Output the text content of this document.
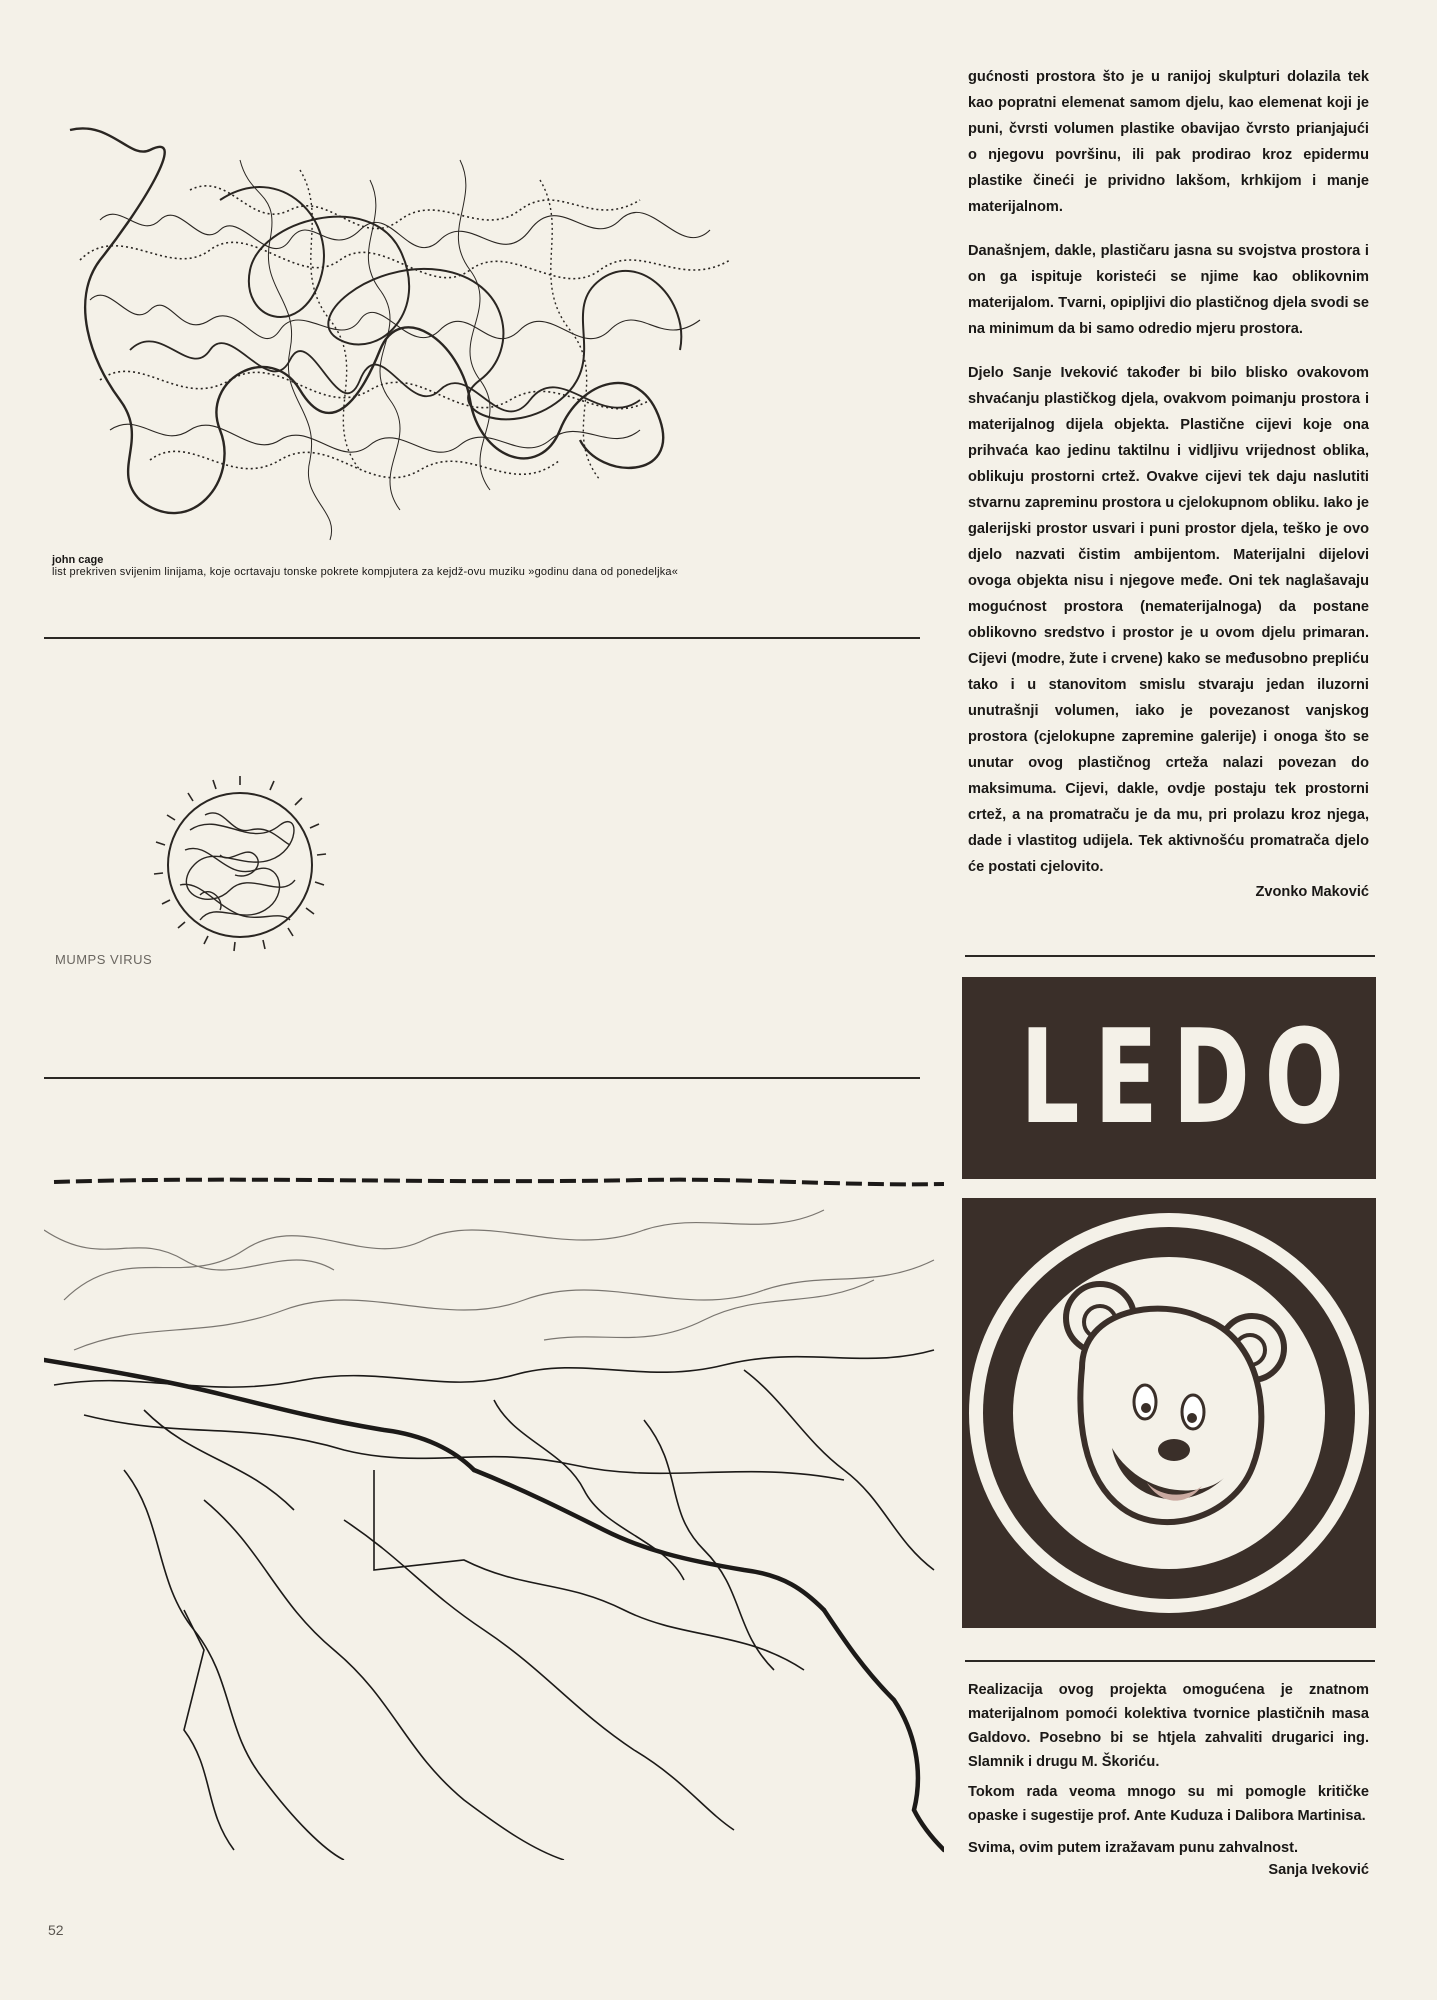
john cage
list prekriven svijenim linijama, koje ocrtavaju tonske pokrete kompjutera za kejdž-ovu muziku »godinu dana od ponedeljka«
MUMPS VIRUS
52

gućnosti prostora što je u ranijoj skulpturi dolazila tek kao popratni elemenat samom djelu, kao elemenat koji je puni, čvrsti volumen plastike obavijao čvrsto prianjajući o njegovu površinu, ili pak prodirao kroz epidermu plastike čineći je prividno lakšom, krhkijom i manje materijalnom.

Današnjem, dakle, plastičaru jasna su svojstva prostora i on ga ispituje koristeći se njime kao oblikovnim materijalom. Tvarni, opipljivi dio plastičnog djela svodi se na minimum da bi samo odredio mjeru prostora.

Djelo Sanje Iveković također bi bilo blisko ovakovom shvaćanju plastičkog djela, ovakvom poimanju prostora i materijalnog dijela objekta. Plastične cijevi koje ona prihvaća kao jedinu taktilnu i vidljivu vrijednost oblika, oblikuju prostorni crtež. Ovakve cijevi tek daju naslutiti stvarnu zapreminu prostora u cjelokupnom obliku. Iako je galerijski prostor usvari i puni prostor djela, teško je ovo djelo nazvati čistim ambijentom. Materijalni dijelovi ovoga objekta nisu i njegove međe. Oni tek naglašavaju mogućnost prostora (nematerijalnoga) da postane oblikovno sredstvo i prostor je u ovom djelu primaran. Cijevi (modre, žute i crvene) kako se međusobno prepliću tako i u stanovitom smislu stvaraju jedan iluzorni unutrašnji volumen, iako je povezanost vanjskog prostora (cjelokupne zapremine galerije) i onoga što se unutar ovog plastičnog crteža nalazi povezan do maksimuma. Cijevi, dakle, ovdje postaju tek prostorni crtež, a na promatraču je da mu, pri prolazu kroz njega, dade i vlastitog udijela. Tek aktivnošću promatrača djelo će postati cjelovito.

Zvonko Maković
LEDO

Realizacija ovog projekta omogućena je znatnom materijalnom pomoći kolektiva tvornice plastičnih masa Galdovo. Posebno bi se htjela zahvaliti drugarici ing. Slamnik i drugu M. Škoriću.

Tokom rada veoma mnogo su mi pomogle kritičke opaske i sugestije prof. Ante Kuduza i Dalibora Martinisa.

Svima, ovim putem izražavam punu zahvalnost.

Sanja Iveković
